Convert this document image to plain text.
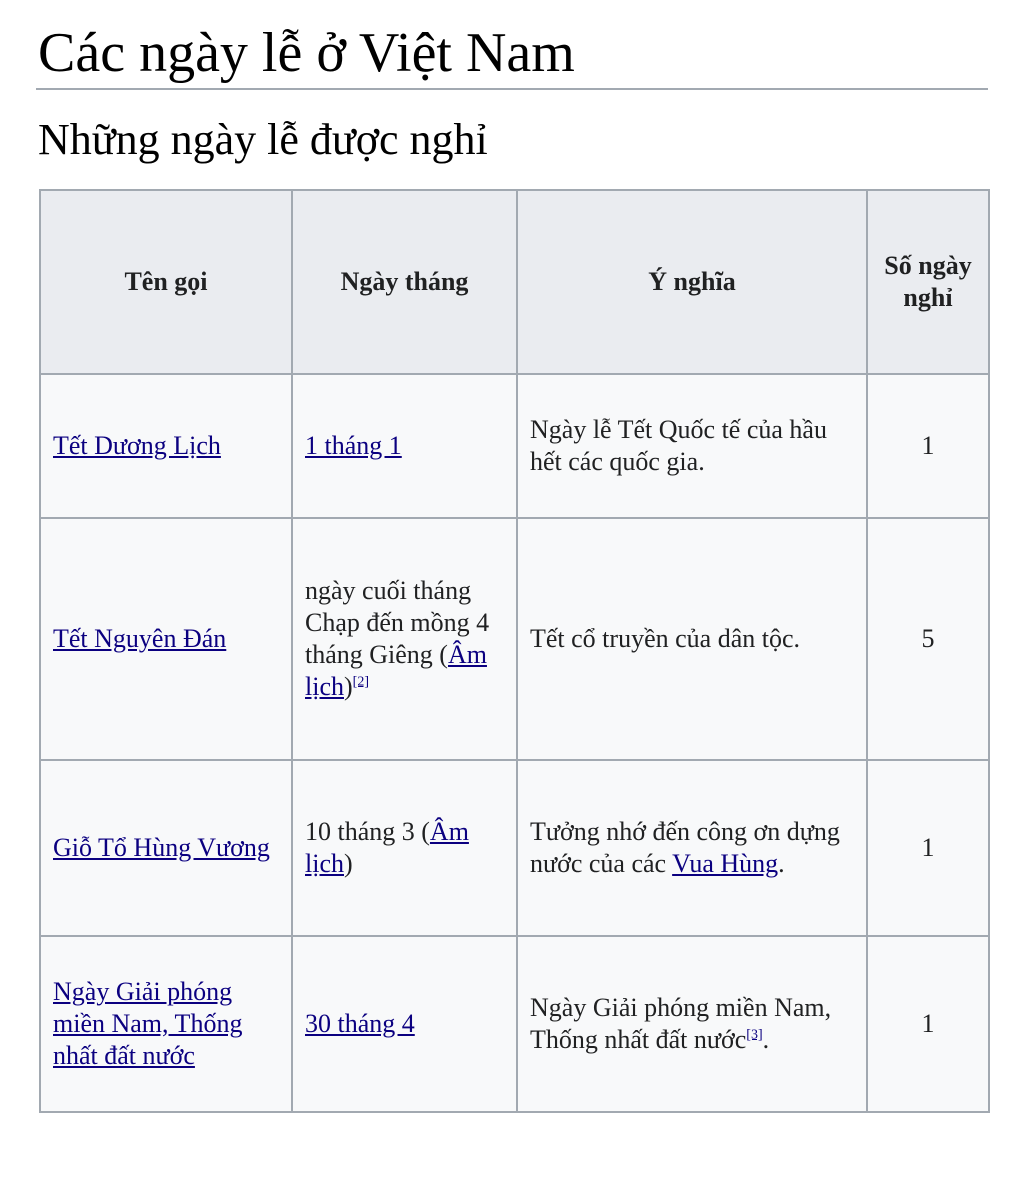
Các ngày lễ ở Việt Nam
Những ngày lễ được nghỉ
Tên gọi	Ngày tháng	Ý nghĩa	Số ngày nghỉ
Tết Dương Lịch	1 tháng 1	Ngày lễ Tết Quốc tế của hầu hết các quốc gia.	1
Tết Nguyên Đán	ngày cuối tháng Chạp đến mồng 4 tháng Giêng (Âm lịch)[2]	Tết cổ truyền của dân tộc.	5
Giỗ Tổ Hùng Vương	10 tháng 3 (Âm lịch)	Tưởng nhớ đến công ơn dựng nước của các Vua Hùng.	1
Ngày Giải phóng miền Nam, Thống nhất đất nước	30 tháng 4	Ngày Giải phóng miền Nam, Thống nhất đất nước[3].	1
